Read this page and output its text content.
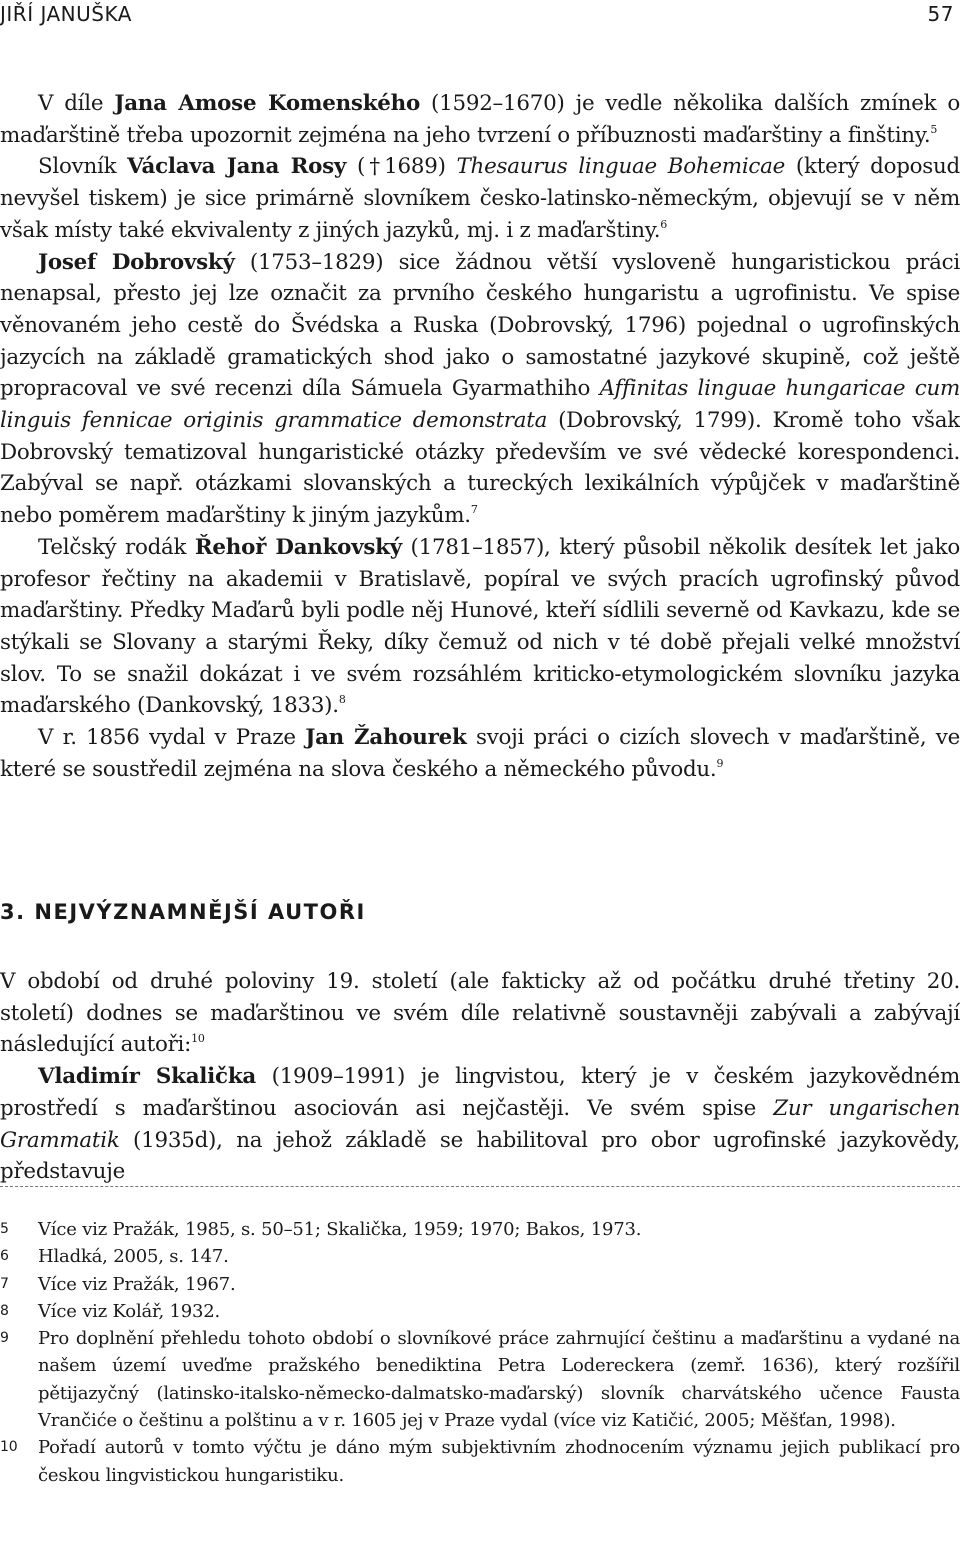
JIŘÍ JANUŠKA	57

V díle Jana Amose Komenského (1592–1670) je vedle několika dalších zmínek o maďarštině třeba upozornit zejména na jeho tvrzení o příbuznosti maďarštiny a finštiny.$^5$

Slovník Václava Jana Rosy (†1689) Thesaurus linguae Bohemicae (který doposud nevyšel tiskem) je sice primárně slovníkem česko-latinsko-německým, objevují se v něm však místy také ekvivalenty z jiných jazyků, mj. i z maďarštiny.$^6$

Josef Dobrovský (1753–1829) sice žádnou větší vysloveně hungaristickou práci nenapsal, přesto jej lze označit za prvního českého hungaristu a ugrofinistu. Ve spise věnovaném jeho cestě do Švédska a Ruska (Dobrovský, 1796) pojednal o ugrofinských jazycích na základě gramatických shod jako o samostatné jazykové skupině, což ještě propracoval ve své recenzi díla Sámuela Gyarmathiho Affinitas linguae hungaricae cum linguis fennicae originis grammatice demonstrata (Dobrovský, 1799). Kromě toho však Dobrovský tematizoval hungaristické otázky především ve své vědecké korespondenci. Zabýval se např. otázkami slovanských a tureckých lexikálních výpůjček v maďarštině nebo poměrem maďarštiny k jiným jazykům.$^7$

Telčský rodák Řehoř Dankovský (1781–1857), který působil několik desítek let jako profesor řečtiny na akademii v Bratislavě, popíral ve svých pracích ugrofinský původ maďarštiny. Předky Maďarů byli podle něj Hunové, kteří sídlili severně od Kavkazu, kde se stýkali se Slovany a starými Řeky, díky čemuž od nich v té době přejali velké množství slov. To se snažil dokázat i ve svém rozsáhlém kriticko-etymologickém slovníku jazyka maďarského (Dankovský, 1833).$^8$

V r. 1856 vydal v Praze Jan Žahourek svoji práci o cizích slovech v maďarštině, ve které se soustředil zejména na slova českého a německého původu.$^9$

3. NEJVÝZNAMNĚJŠÍ AUTOŘI

V období od druhé poloviny 19. století (ale fakticky až od počátku druhé třetiny 20. století) dodnes se maďarštinou ve svém díle relativně soustavněji zabývali a zabývají následující autoři:$^{10}$

Vladimír Skalička (1909–1991) je lingvistou, který je v českém jazykovědném prostředí s maďarštinou asociován asi nejčastěji. Ve svém spise Zur ungarischen Grammatik (1935d), na jehož základě se habilitoval pro obor ugrofinské jazykovědy, představuje

5 Více viz Pražák, 1985, s. 50–51; Skalička, 1959; 1970; Bakos, 1973.
6 Hladká, 2005, s. 147.
7 Více viz Pražák, 1967.
8 Více viz Kolář, 1932.
9 Pro doplnění přehledu tohoto období o slovníkové práce zahrnující češtinu a maďarštinu a vydané na našem území uveďme pražského benediktina Petra Lodereckera (zemř. 1636), který rozšířil pětijazyčný (latinsko-italsko-německo-dalmatsko-maďarský) slovník charvátského učence Fausta Vrančiće o češtinu a polštinu a v r. 1605 jej v Praze vydal (více viz Katičić, 2005; Měšťan, 1998).
10 Pořadí autorů v tomto výčtu je dáno mým subjektivním zhodnocením významu jejich publikací pro českou lingvistickou hungaristiku.
